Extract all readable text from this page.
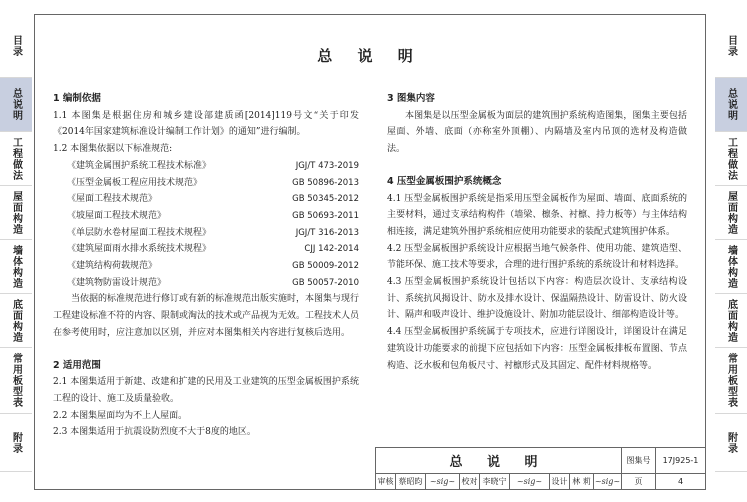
目录
总说明
工程做法
屋面构造
墙体构造
底面构造
常用板型表
附录
目录
总说明
工程做法
屋面构造
墙体构造
底面构造
常用板型表
附录
总 说 明
1 编制依据
1.1 本图集是根据住房和城乡建设部建质函[2014]119号文“关于印发《2014年国家建筑标准设计编制工作计划》的通知”进行编制。
1.2 本图集依据以下标准规范:
《建筑金属围护系统工程技术标准》	JGJ/T 473-2019
《压型金属板工程应用技术规范》	GB 50896-2013
《屋面工程技术规范》	GB 50345-2012
《坡屋面工程技术规范》	GB 50693-2011
《单层防水卷材屋面工程技术规程》	JGJ/T 316-2013
《建筑屋面雨水排水系统技术规程》	CJJ 142-2014
《建筑结构荷载规范》	GB 50009-2012
《建筑物防雷设计规范》	GB 50057-2010
当依据的标准规范进行修订或有新的标准规范出版实施时，本图集与现行工程建设标准不符的内容、限制或淘汰的技术或产品视为无效。工程技术人员在参考使用时，应注意加以区别，并应对本图集相关内容进行复核后选用。
2 适用范围
2.1 本图集适用于新建、改建和扩建的民用及工业建筑的压型金属板围护系统工程的设计、施工及质量验收。
2.2 本图集屋面均为不上人屋面。
2.3 本图集适用于抗震设防烈度不大于8度的地区。
3 图集内容
本图集是以压型金属板为面层的建筑围护系统构造图集，图集主要包括屋面、外墙、底面（亦称室外顶棚）、内隔墙及室内吊顶的选材及构造做法。
4 压型金属板围护系统概念
4.1 压型金属板围护系统是指采用压型金属板作为屋面、墙面、底面系统的主要材料，通过支承结构构件（墙梁、檩条、衬檩、持力板等）与主体结构相连接，满足建筑外围护系统相应使用功能要求的装配式建筑围护体系。
4.2 压型金属板围护系统设计应根据当地气候条件、使用功能、建筑造型、节能环保、施工技术等要求，合理的进行围护系统的系统设计和材料选择。
4.3 压型金属板围护系统设计包括以下内容：构造层次设计、支承结构设计、系统抗风揭设计、防水及排水设计、保温隔热设计、防雷设计、防火设计、隔声和吸声设计、维护设施设计、附加功能层设计、细部构造设计等。
4.4 压型金属板围护系统属于专项技术，应进行详图设计，详图设计在满足建筑设计功能要求的前提下应包括如下内容：压型金属板排板布置图、节点构造、泛水板和包角板尺寸、衬檩形式及其固定、配件材料规格等。
总 说 明	图集号	17J925-1
审核 蔡昭昀 ~sig~ 校对 李晓宁	~sig~	设计 林 莉 ~sig~	页	4
